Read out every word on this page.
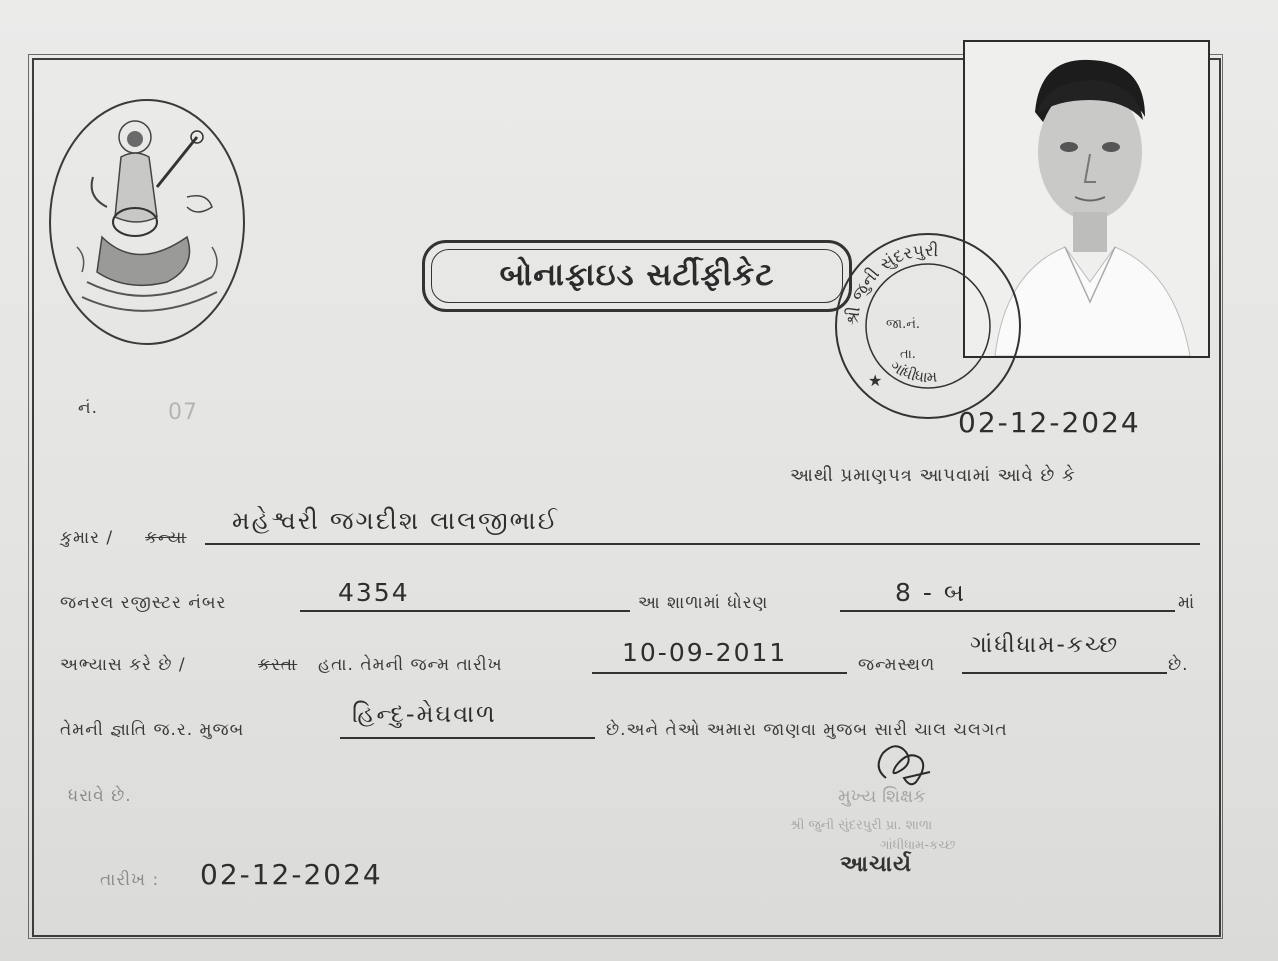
બોનાફાઇડ સર્ટીફીકેટ
શ્રી જુની સુંદરપુરી
ગાંધીધામ
જા.નં.
તા.
★
નં.	07	02-12-2024
આથી પ્રમાણપત્ર આપવામાં આવે છે કે
કુમાર / કન્યા
મહેશ્વરી જગદીશ લાલજીભાઈ
જનરલ રજીસ્ટર નંબર	4354	આ શાળામાં ધોરણ	8 - બ	માં
અભ્યાસ કરે છે /	કરતા હતા. તેમની જન્મ તારીખ	10-09-2011	જન્મસ્થળ
ગાંધીધામ-કચ્છ
છે.
તેમની જ્ઞાતિ જ.ર. મુજબ
હિન્દુ-મેઘવાળ
છે.અને તેઓ અમારા જાણવા મુજબ સારી ચાલ ચલગત
ધરાવે છે.	મુખ્ય શિક્ષક
શ્રી જુની સુંદરપુરી પ્રા. શાળા
ગાંધીધામ-કચ્છ
તારીખ : 02-12-2024	આચાર્ય
